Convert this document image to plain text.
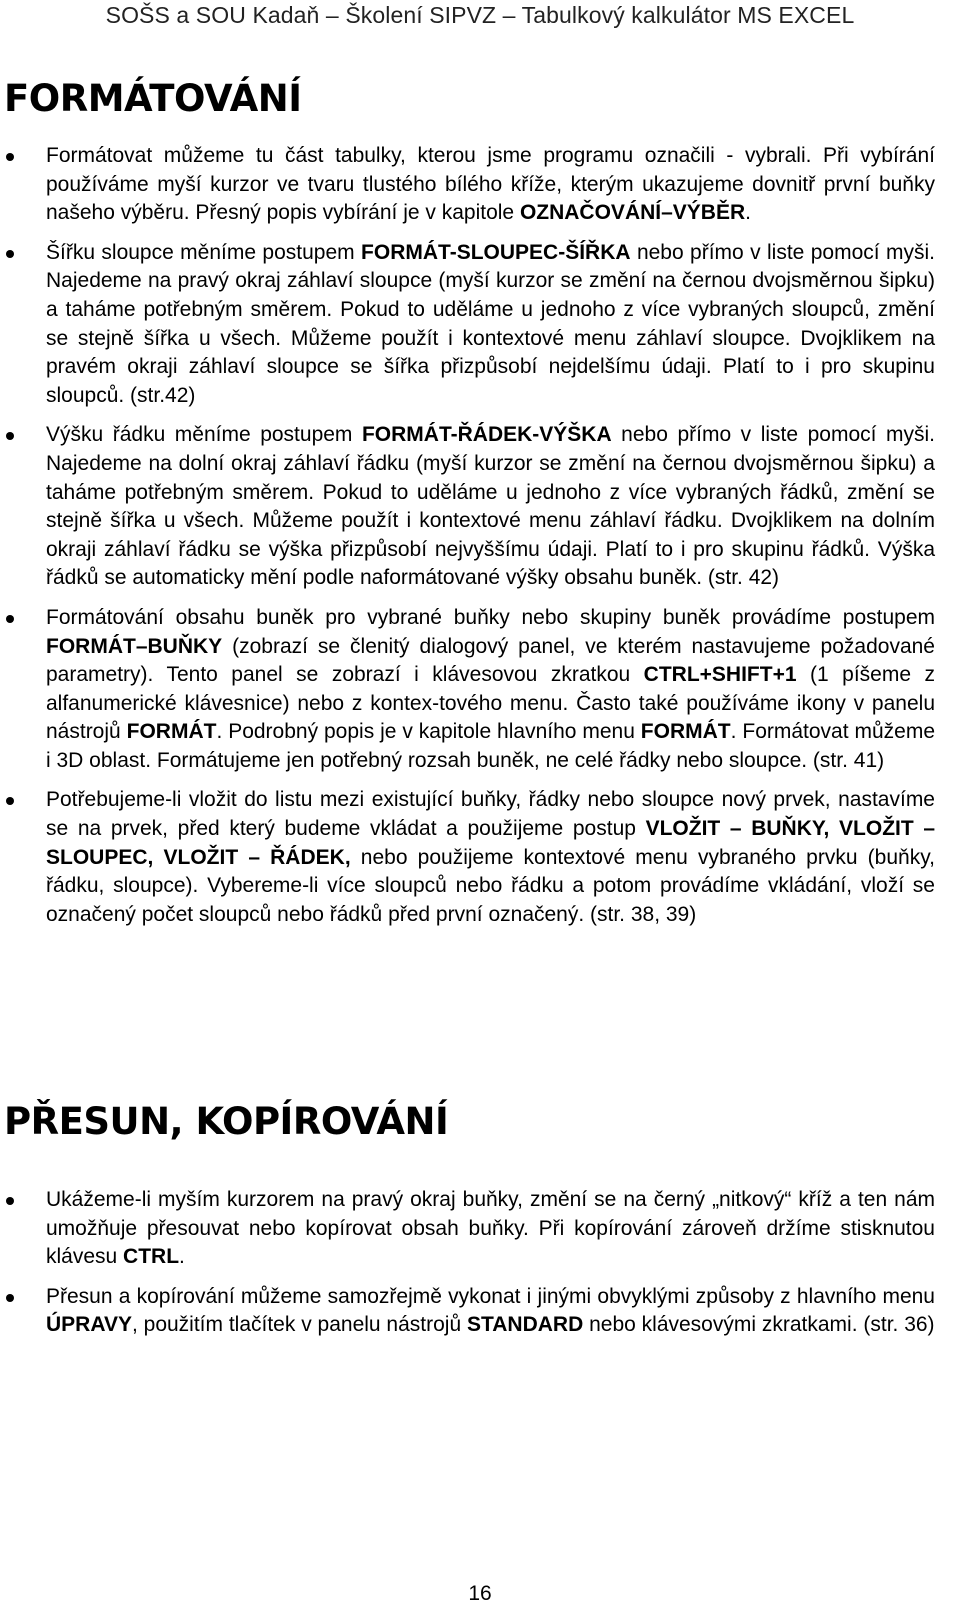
SOŠS a SOU Kadaň – Školení SIPVZ – Tabulkový kalkulátor MS EXCEL
FORMÁTOVÁNÍ
Formátovat můžeme tu část tabulky, kterou jsme programu označili - vybrali. Při vybírání používáme myší kurzor ve tvaru tlustého bílého kříže, kterým ukazujeme dovnitř první buňky našeho výběru. Přesný popis vybírání je v kapitole OZNAČOVÁNÍ–VÝBĚR.
Šířku sloupce měníme postupem FORMÁT-SLOUPEC-ŠÍŘKA nebo přímo v liste pomocí myši. Najedeme na pravý okraj záhlaví sloupce (myší kurzor se změní na černou dvojsměrnou šipku) a taháme potřebným směrem. Pokud to uděláme u jednoho z více vybraných sloupců, změní se stejně šířka u všech. Můžeme použít i kontextové menu záhlaví sloupce. Dvojklikem na pravém okraji záhlaví sloupce se šířka přizpůsobí nejdelšímu údaji. Platí to i pro skupinu sloupců. (str.42)
Výšku řádku měníme postupem FORMÁT-ŘÁDEK-VÝŠKA nebo přímo v liste pomocí myši. Najedeme na dolní okraj záhlaví řádku (myší kurzor se změní na černou dvojsměrnou šipku) a taháme potřebným směrem. Pokud to uděláme u jednoho z více vybraných řádků, změní se stejně šířka u všech. Můžeme použít i kontextové menu záhlaví řádku. Dvojklikem na dolním okraji záhlaví řádku se výška přizpůsobí nejvyššímu údaji. Platí to i pro skupinu řádků. Výška řádků se automaticky mění podle naformátované výšky obsahu buněk. (str. 42)
Formátování obsahu buněk pro vybrané buňky nebo skupiny buněk provádíme postupem FORMÁT–BUŇKY (zobrazí se členitý dialogový panel, ve kterém nastavujeme požadované parametry). Tento panel se zobrazí i klávesovou zkratkou CTRL+SHIFT+1 (1 píšeme z alfanumerické klávesnice) nebo z kontex-tového menu. Často také používáme ikony v panelu nástrojů FORMÁT. Podrobný popis je v kapitole hlavního menu FORMÁT. Formátovat můžeme i 3D oblast. Formátujeme jen potřebný rozsah buněk, ne celé řádky nebo sloupce. (str. 41)
Potřebujeme-li vložit do listu mezi existující buňky, řádky nebo sloupce nový prvek, nastavíme se na prvek, před který budeme vkládat a použijeme postup VLOŽIT – BUŇKY, VLOŽIT – SLOUPEC, VLOŽIT – ŘÁDEK, nebo použijeme kontextové menu vybraného prvku (buňky, řádku, sloupce). Vybereme-li více sloupců nebo řádku a potom provádíme vkládání, vloží se označený počet sloupců nebo řádků před první označený. (str. 38, 39)
PŘESUN, KOPÍROVÁNÍ
Ukážeme-li myším kurzorem na pravý okraj buňky, změní se na černý „nitkový“ kříž a ten nám umožňuje přesouvat nebo kopírovat obsah buňky. Při kopírování zároveň držíme stisknutou klávesu CTRL.
Přesun a kopírování můžeme samozřejmě vykonat i jinými obvyklými způsoby z hlavního menu ÚPRAVY, použitím tlačítek v panelu nástrojů STANDARD nebo klávesovými zkratkami. (str. 36)
16
